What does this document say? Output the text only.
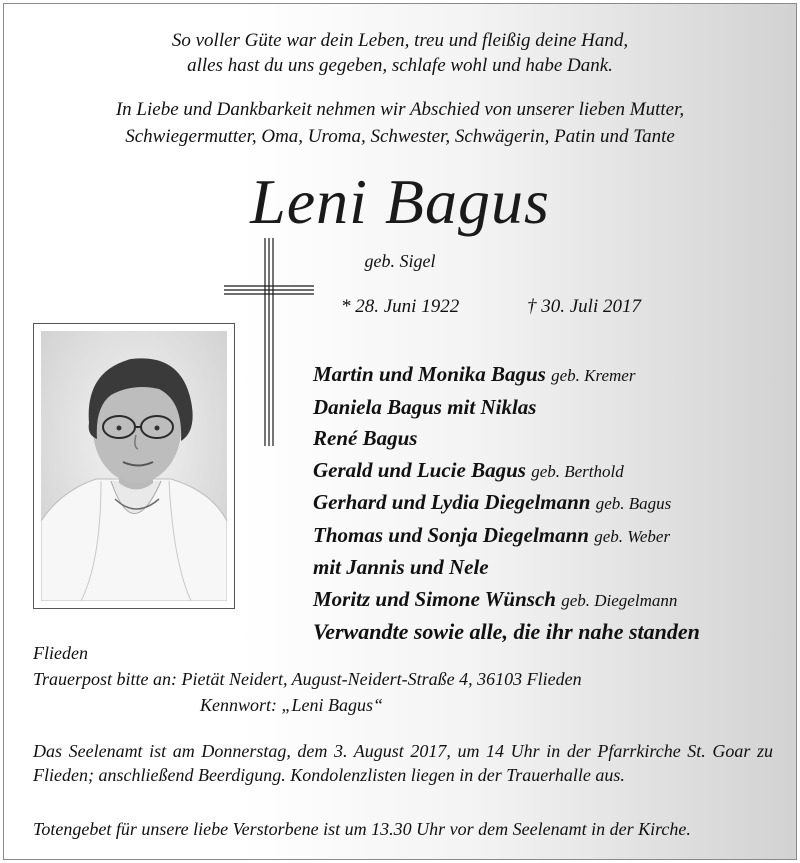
So voller Güte war dein Leben, treu und fleißig deine Hand,
alles hast du uns gegeben, schlafe wohl und habe Dank.
In Liebe und Dankbarkeit nehmen wir Abschied von unserer lieben Mutter,
Schwiegermutter, Oma, Uroma, Schwester, Schwägerin, Patin und Tante
Leni Bagus
geb. Sigel
* 28. Juni 1922	† 30. Juli 2017
Martin und Monika Bagus geb. Kremer
Daniela Bagus mit Niklas
René Bagus
Gerald und Lucie Bagus geb. Berthold
Gerhard und Lydia Diegelmann geb. Bagus
Thomas und Sonja Diegelmann geb. Weber
mit Jannis und Nele
Moritz und Simone Wünsch geb. Diegelmann
Verwandte sowie alle, die ihr nahe standen
Flieden
Trauerpost bitte an: Pietät Neidert, August-Neidert-Straße 4, 36103 Flieden
Kennwort: „Leni Bagus“
Das Seelenamt ist am Donnerstag, dem 3. August 2017, um 14 Uhr in der Pfarrkirche St. Goar zu Flieden; anschließend Beerdigung. Kondolenzlisten liegen in der Trauerhalle aus.
Totengebet für unsere liebe Verstorbene ist um 13.30 Uhr vor dem Seelenamt in der Kirche.
